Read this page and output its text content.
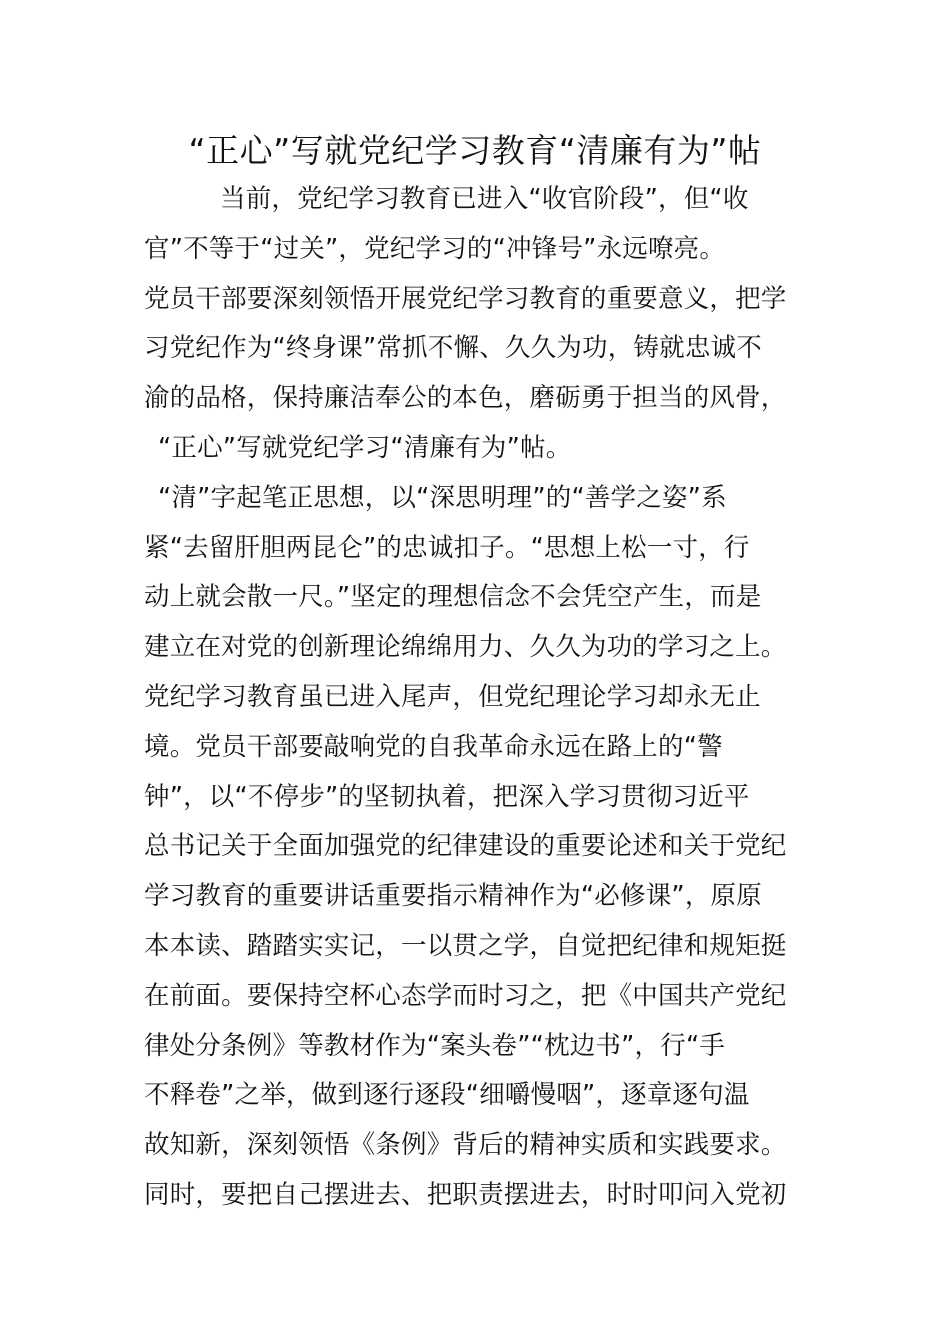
“正心”写就党纪学习教育“清廉有为”帖
当前，党纪学习教育已进入“收官阶段”，但“收
官”不等于“过关”，党纪学习的“冲锋号”永远嘹亮。
党员干部要深刻领悟开展党纪学习教育的重要意义，把学
习党纪作为“终身课”常抓不懈、久久为功，铸就忠诚不
渝的品格，保持廉洁奉公的本色，磨砺勇于担当的风骨，
“正心”写就党纪学习“清廉有为”帖。
“清”字起笔正思想，以“深思明理”的“善学之姿”系
紧“去留肝胆两昆仑”的忠诚扣子。“思想上松一寸，行
动上就会散一尺。”坚定的理想信念不会凭空产生，而是
建立在对党的创新理论绵绵用力、久久为功的学习之上。
党纪学习教育虽已进入尾声，但党纪理论学习却永无止
境。党员干部要敲响党的自我革命永远在路上的“警
钟”，以“不停步”的坚韧执着，把深入学习贯彻习近平
总书记关于全面加强党的纪律建设的重要论述和关于党纪
学习教育的重要讲话重要指示精神作为“必修课”，原原
本本读、踏踏实实记，一以贯之学，自觉把纪律和规矩挺
在前面。要保持空杯心态学而时习之，把《中国共产党纪
律处分条例》等教材作为“案头卷”“枕边书”，行“手
不释卷”之举，做到逐行逐段“细嚼慢咽”，逐章逐句温
故知新，深刻领悟《条例》背后的精神实质和实践要求。
同时，要把自己摆进去、把职责摆进去，时时叩问入党初
